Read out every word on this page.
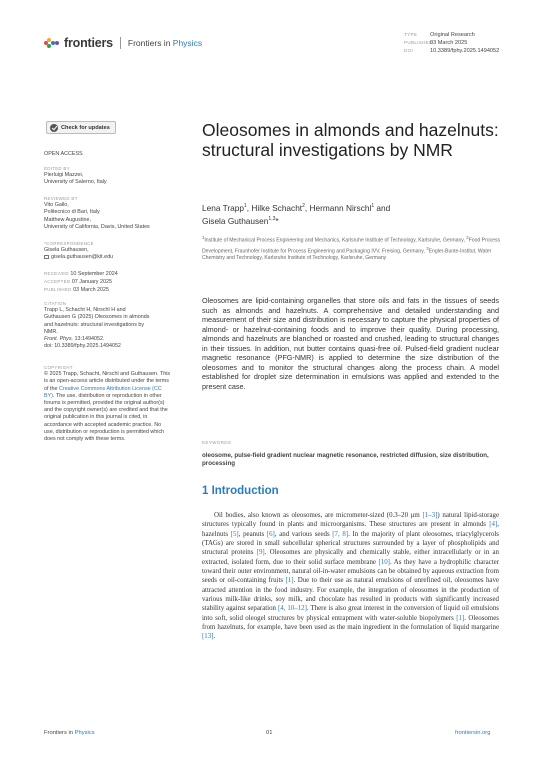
frontiers Frontiers in Physics
TYPE Original Research
PUBLISHED03 March 2025
DOI	10.3389/fphy.2025.1494052
Check for updates
OPEN ACCESS
EDITED BY
Pierluigi Mazzei,
University of Salerno, Italy
REVIEWED BY
Vito Gallo,
Politecnico di Bari, Italy
Matthew Augustine,
University of California, Davis, United States
*CORRESPONDENCE
Gisela Guthausen,
gisela.guthausen@kit.edu
RECEIVED 10 September 2024
ACCEPTED 07 January 2025
PUBLISHED 03 March 2025
CITATION
Trapp L, Schacht H, Nirschl H and
Guthausen G (2025) Oleosomes in almonds
and hazelnuts: structural investigations by
NMR.
Front. Phys. 13:1494052.
doi: 10.3389/fphy.2025.1494052
COPYRIGHT
© 2025 Trapp, Schacht, Nirschl and Guthausen. This is an open-access article distributed under the terms of the Creative Commons Attribution License (CC BY). The use, distribution or reproduction in other forums is permitted, provided the original author(s) and the copyright owner(s) are credited and that the original publication in this journal is cited, in accordance with accepted academic practice. No use, distribution or reproduction is permitted which does not comply with these terms.
Oleosomes in almonds and hazelnuts: structural investigations by NMR
Lena Trapp$^1$, Hilke Schacht$^2$, Hermann Nirschl$^1$ and
Gisela Guthausen$^{1,3}$*
$^1$Institute of Mechanical Process Engineering and Mechanics, Karlsruhe Institute of Technology, Karlsruhe, Germany, $^2$Food Process Development, Fraunhofer Institute for Process Engineering and Packaging IVV, Freising, Germany, $^3$Engler-Bunte-Institut, Water Chemistry and Technology, Karlsruhe Institute of Technology, Karlsruhe, Germany

Oleosomes are lipid-containing organelles that store oils and fats in the tissues of seeds such as almonds and hazelnuts. A comprehensive and detailed understanding and measurement of their size and distribution is necessary to capture the physical properties of almond- or hazelnut-containing foods and to improve their quality. During processing, almonds and hazelnuts are blanched or roasted and crushed, leading to structural changes in their tissues. In addition, nut butter contains quasi-free oil. Pulsed-field gradient nuclear magnetic resonance (PFG-NMR) is applied to determine the size distribution of the oleosomes and to monitor the structural changes along the process chain. A model established for droplet size determination in emulsions was applied and extended to the present case.

KEYWORDS
oleosome, pulse-field gradient nuclear magnetic resonance, restricted diffusion, size distribution, processing
1 Introduction

Oil bodies, also known as oleosomes, are micrometer-sized (0.3–20 μm [1–3]) natural lipid-storage structures typically found in plants and microorganisms. These structures are present in almonds [4], hazelnuts [5], peanuts [6], and various seeds [7, 8]. In the majority of plant oleosomes, triacylglycerols (TAGs) are stored in small subcellular spherical structures surrounded by a layer of phospholipids and structural proteins [9]. Oleosomes are physically and chemically stable, either intracellularly or in an extracted, isolated form, due to their solid surface membrane [10]. As they have a hydrophilic character toward their outer environment, natural oil-in-water emulsions can be obtained by aqueous extraction from seeds or oil-containing fruits [1]. Due to their use as natural emulsions of unrefined oil, oleosomes have attracted attention in the food industry. For example, the integration of oleosomes in the production of various milk-like drinks, soy milk, and chocolate has resulted in products with significantly increased stability against separation [4, 10–12]. There is also great interest in the conversion of liquid oil emulsions into soft, solid oleogel structures by physical entrapment with water-soluble biopolymers [1]. Oleosomes from hazelnuts, for example, have been used as the main ingredient in the formulation of liquid margarine [13].

Frontiers in Physics	01	frontiersin.org
